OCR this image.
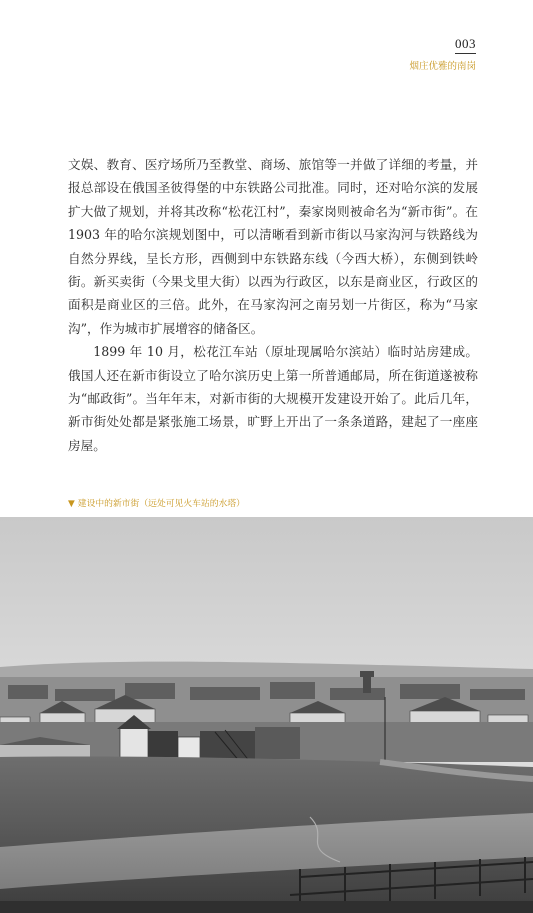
003
烟庄优雅的南岗

文娱、教育、医疗场所乃至教堂、商场、旅馆等一并做了详细的考量，并报总部设在俄国圣彼得堡的中东铁路公司批准。同时，还对哈尔滨的发展扩大做了规划，并将其改称“松花江村”，秦家岗则被命名为“新市街”。在 1903 年的哈尔滨规划图中，可以清晰看到新市街以马家沟河与铁路线为自然分界线，呈长方形，西侧到中东铁路东线（今西大桥），东侧到铁岭街。新买卖街（今果戈里大街）以西为行政区，以东是商业区，行政区的面积是商业区的三倍。此外，在马家沟河之南另划一片街区，称为“马家沟”，作为城市扩展增容的储备区。

1899 年 10 月，松花江车站（原址现属哈尔滨站）临时站房建成。俄国人还在新市街设立了哈尔滨历史上第一所普通邮局，所在街道遂被称为“邮政街”。当年年末，对新市街的大规模开发建设开始了。此后几年，新市街处处都是紧张施工场景，旷野上开出了一条条道路，建起了一座座房屋。

▼ 建设中的新市街（远处可见火车站的水塔）
